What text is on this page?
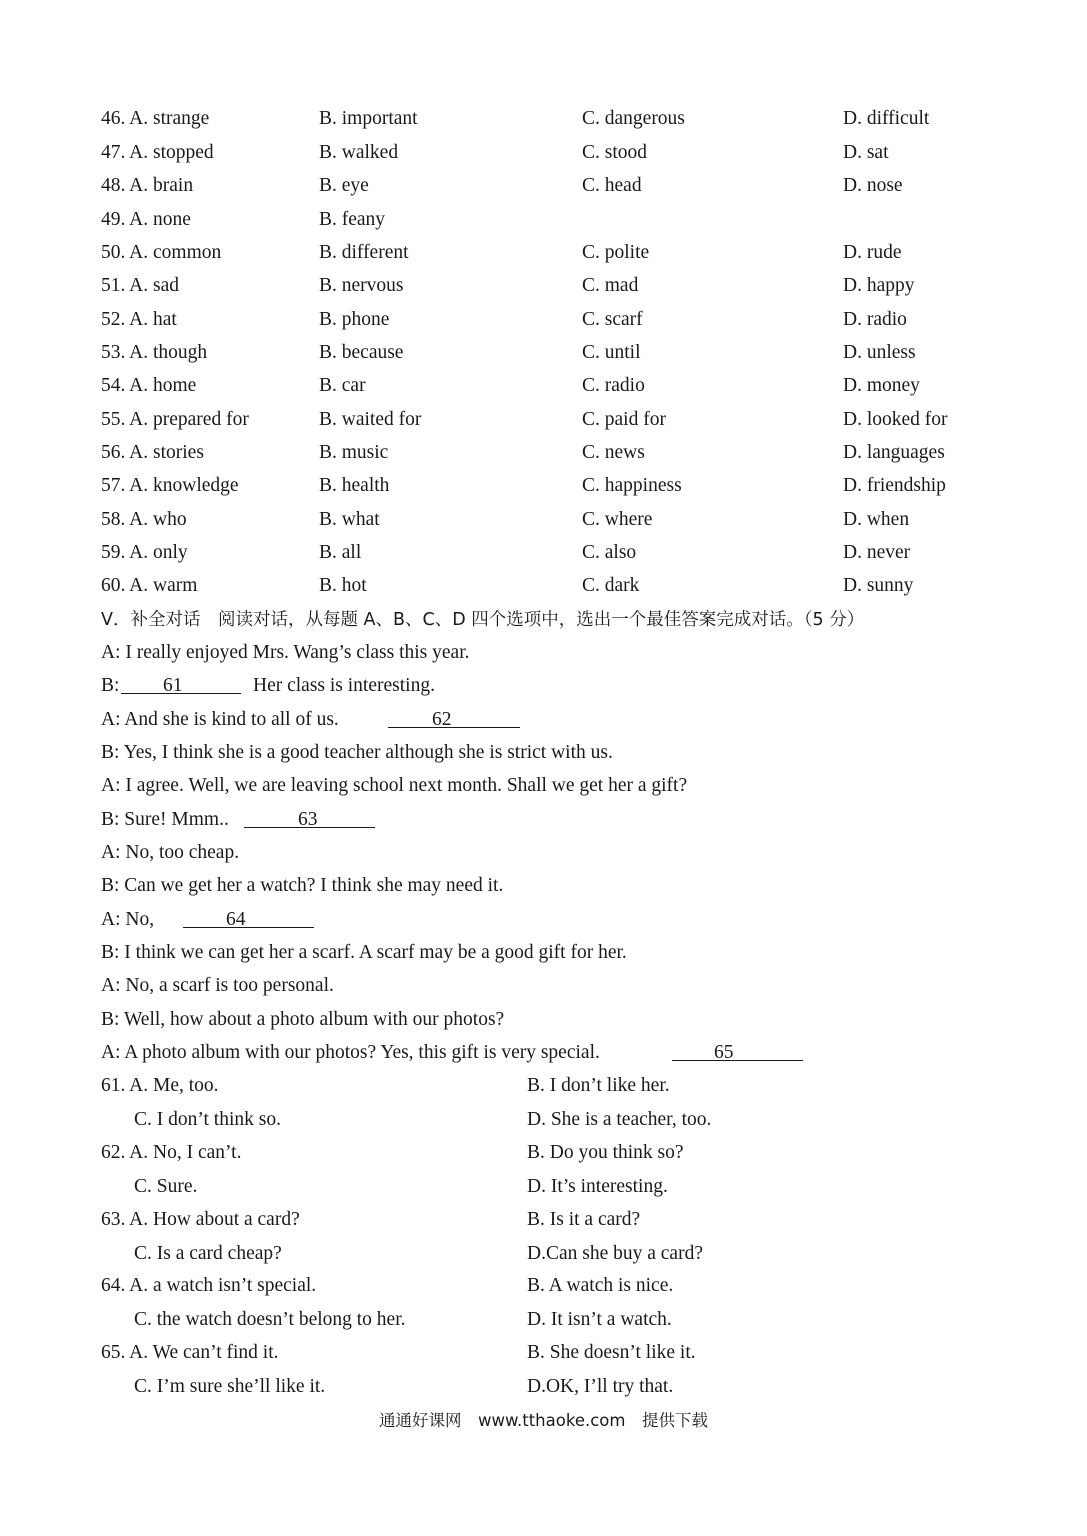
46. A. strange	B. important	C. dangerous	D. difficult
47. A. stopped	B. walked	C. stood	D. sat
48. A. brain	B. eye	C. head	D. nose
49. A. none	B. feany
50. A. common	B. different	C. polite	D. rude
51. A. sad	B. nervous	C. mad	D. happy
52. A. hat	B. phone	C. scarf	D. radio
53. A. though	B. because	C. until	D. unless
54. A. home	B. car	C. radio	D. money
55. A. prepared for	B. waited for	C. paid for	D. looked for
56. A. stories	B. music	C. news	D. languages
57. A. knowledge	B. health	C. happiness	D. friendship
58. A. who	B. what	C. where	D. when
59. A. only	B. all	C. also	D. never
60. A. warm	B. hot	C. dark	D. sunny

V．补全对话　阅读对话，从每题 A、B、C、D 四个选项中，选出一个最佳答案完成对话。（5 分）

A: I really enjoyed Mrs. Wang’s class this year.

B:

61

	Her class is interesting.

A: And she is kind to all of us.

	62

B: Yes, I think she is a good teacher although she is strict with us.

A: I agree. Well, we are leaving school next month. Shall we get her a gift?

B: Sure! Mmm..

	63

A: No, too cheap.

B: Can we get her a watch? I think she may need it.

A: No,

	64

B: I think we can get her a scarf. A scarf may be a good gift for her.

A: No, a scarf is too personal.

B: Well, how about a photo album with our photos?

A: A photo album with our photos? Yes, this gift is very special.

	65

61. A. Me, too.	B. I don’t like her.
C. I don’t think so.	D. She is a teacher, too.
62. A. No, I can’t.	B. Do you think so?
C. Sure.	D. It’s interesting.
63. A. How about a card?	B. Is it a card?
C. Is a card cheap?	D.Can she buy a card?
64. A. a watch isn’t special.	B. A watch is nice.
C. the watch doesn’t belong to her.	D. It isn’t a watch.
65. A. We can’t find it.	B. She doesn’t like it.
C. I’m sure she’ll like it.	D.OK, I’ll try that.
通通好课网　www.tthaoke.com　提供下载
